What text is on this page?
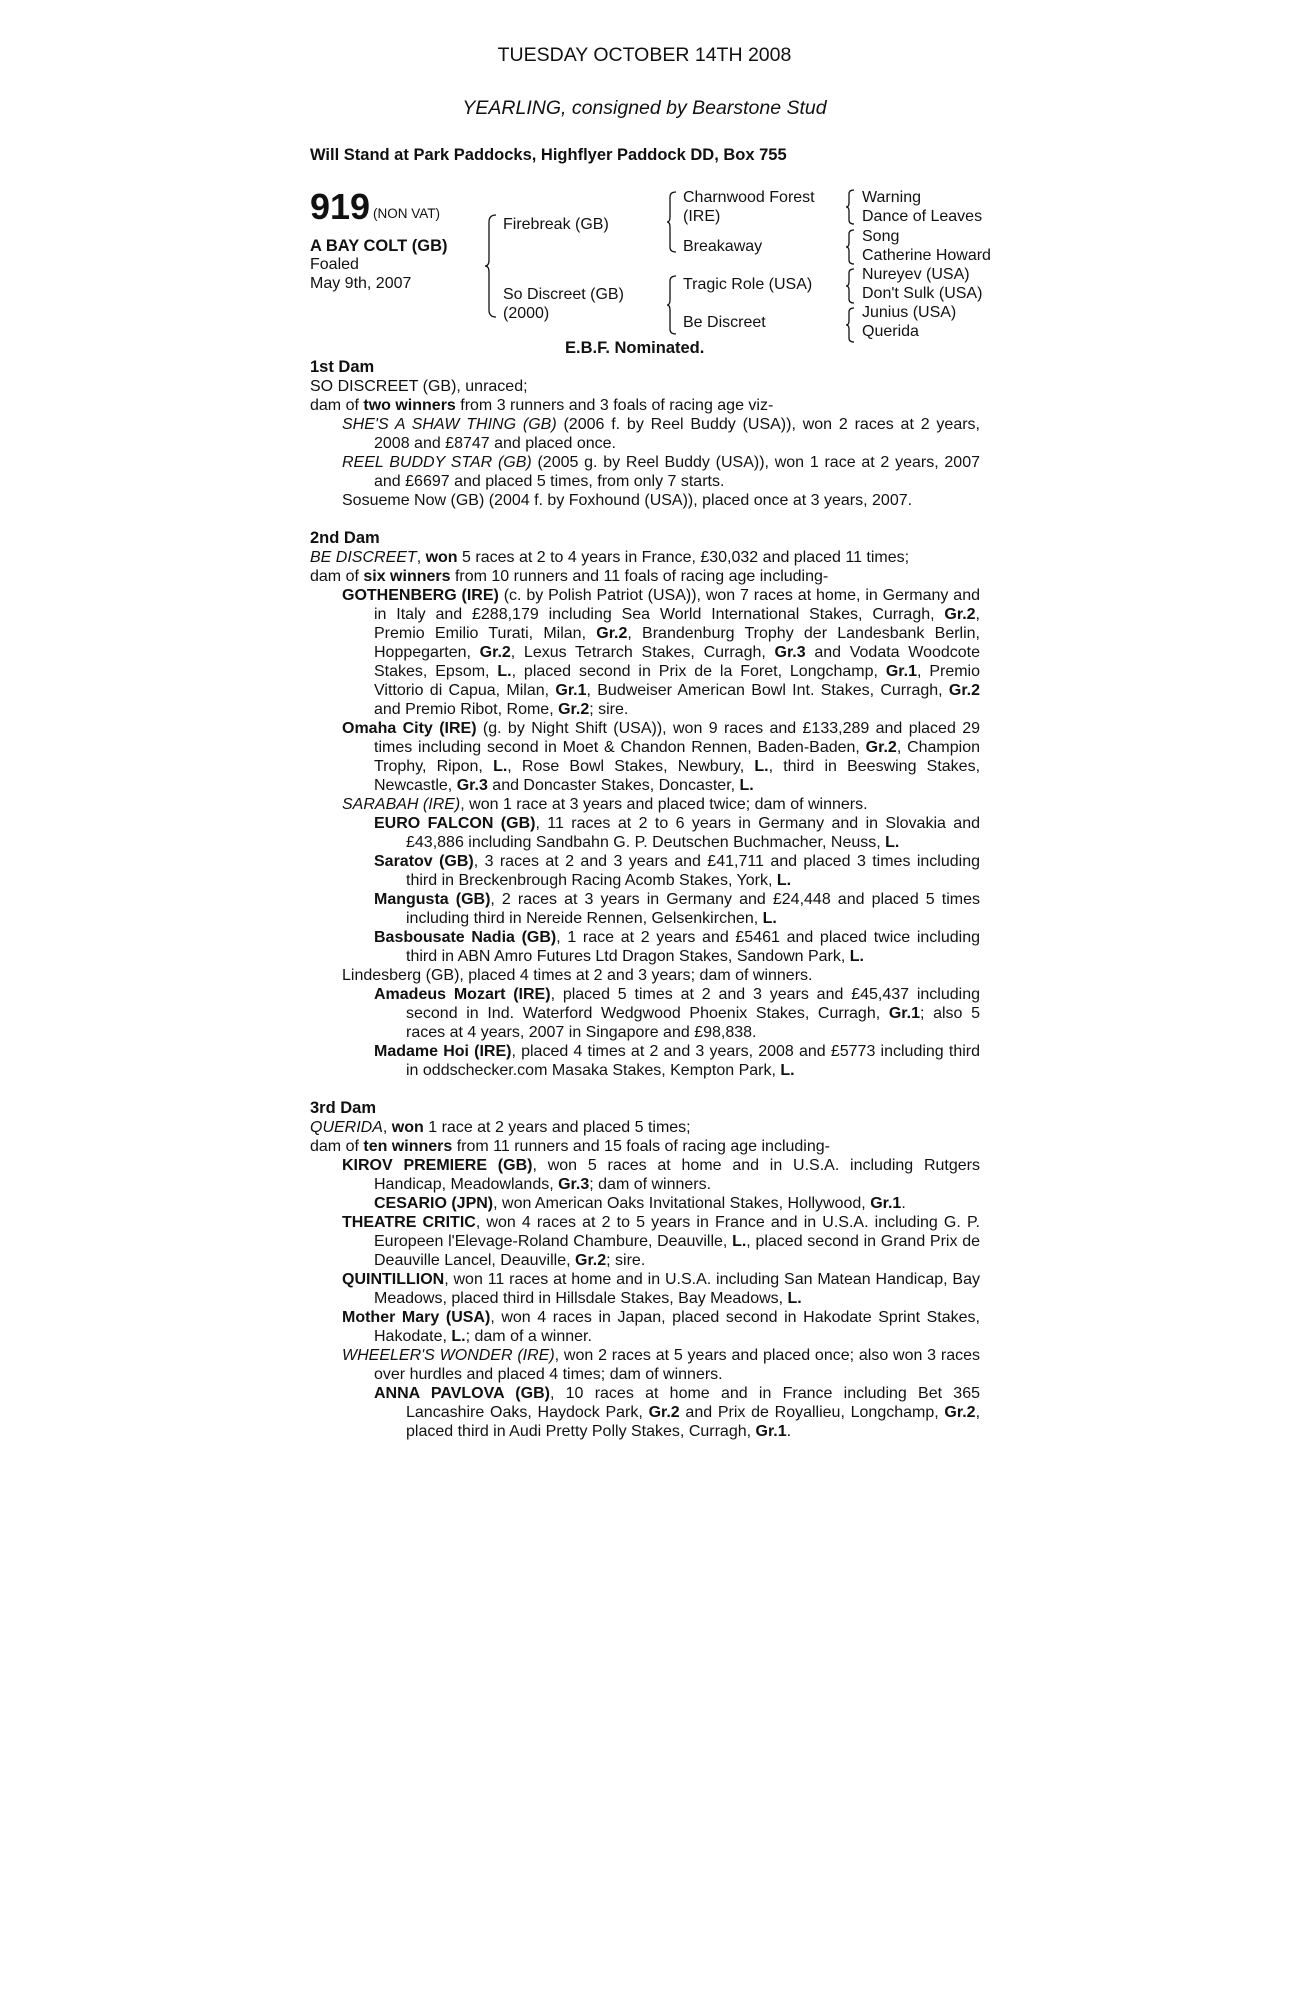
TUESDAY OCTOBER 14TH 2008
YEARLING, consigned by Bearstone Stud
Will Stand at Park Paddocks, Highflyer Paddock DD, Box 755
919 (NON VAT)
A BAY COLT (GB)
Foaled
May 9th, 2007
Firebreak (GB)
So Discreet (GB)
(2000)
Charnwood Forest
(IRE)
Breakaway
Tragic Role (USA)
Be Discreet
Warning
Dance of Leaves
Song
Catherine Howard
Nureyev (USA)
Don't Sulk (USA)
Junius (USA)
Querida
E.B.F. Nominated.

1st Dam

SO DISCREET (GB), unraced;

dam of two winners from 3 runners and 3 foals of racing age viz-

SHE'S A SHAW THING (GB) (2006 f. by Reel Buddy (USA)), won 2 races at 2 years, 2008 and £8747 and placed once.

REEL BUDDY STAR (GB) (2005 g. by Reel Buddy (USA)), won 1 race at 2 years, 2007 and £6697 and placed 5 times, from only 7 starts.

Sosueme Now (GB) (2004 f. by Foxhound (USA)), placed once at 3 years, 2007.

2nd Dam

BE DISCREET, won 5 races at 2 to 4 years in France, £30,032 and placed 11 times;

dam of six winners from 10 runners and 11 foals of racing age including-

GOTHENBERG (IRE) (c. by Polish Patriot (USA)), won 7 races at home, in Germany and in Italy and £288,179 including Sea World International Stakes, Curragh, Gr.2, Premio Emilio Turati, Milan, Gr.2, Brandenburg Trophy der Landesbank Berlin, Hoppegarten, Gr.2, Lexus Tetrarch Stakes, Curragh, Gr.3 and Vodata Woodcote Stakes, Epsom, L., placed second in Prix de la Foret, Longchamp, Gr.1, Premio Vittorio di Capua, Milan, Gr.1, Budweiser American Bowl Int. Stakes, Curragh, Gr.2 and Premio Ribot, Rome, Gr.2; sire.

Omaha City (IRE) (g. by Night Shift (USA)), won 9 races and £133,289 and placed 29 times including second in Moet & Chandon Rennen, Baden-Baden, Gr.2, Champion Trophy, Ripon, L., Rose Bowl Stakes, Newbury, L., third in Beeswing Stakes, Newcastle, Gr.3 and Doncaster Stakes, Doncaster, L.

SARABAH (IRE), won 1 race at 3 years and placed twice; dam of winners.

EURO FALCON (GB), 11 races at 2 to 6 years in Germany and in Slovakia and £43,886 including Sandbahn G. P. Deutschen Buchmacher, Neuss, L.

Saratov (GB), 3 races at 2 and 3 years and £41,711 and placed 3 times including third in Breckenbrough Racing Acomb Stakes, York, L.

Mangusta (GB), 2 races at 3 years in Germany and £24,448 and placed 5 times including third in Nereide Rennen, Gelsenkirchen, L.

Basbousate Nadia (GB), 1 race at 2 years and £5461 and placed twice including third in ABN Amro Futures Ltd Dragon Stakes, Sandown Park, L.

Lindesberg (GB), placed 4 times at 2 and 3 years; dam of winners.

Amadeus Mozart (IRE), placed 5 times at 2 and 3 years and £45,437 including second in Ind. Waterford Wedgwood Phoenix Stakes, Curragh, Gr.1; also 5 races at 4 years, 2007 in Singapore and £98,838.

Madame Hoi (IRE), placed 4 times at 2 and 3 years, 2008 and £5773 including third in oddschecker.com Masaka Stakes, Kempton Park, L.

3rd Dam

QUERIDA, won 1 race at 2 years and placed 5 times;

dam of ten winners from 11 runners and 15 foals of racing age including-

KIROV PREMIERE (GB), won 5 races at home and in U.S.A. including Rutgers Handicap, Meadowlands, Gr.3; dam of winners.

CESARIO (JPN), won American Oaks Invitational Stakes, Hollywood, Gr.1.

THEATRE CRITIC, won 4 races at 2 to 5 years in France and in U.S.A. including G. P. Europeen l'Elevage-Roland Chambure, Deauville, L., placed second in Grand Prix de Deauville Lancel, Deauville, Gr.2; sire.

QUINTILLION, won 11 races at home and in U.S.A. including San Matean Handicap, Bay Meadows, placed third in Hillsdale Stakes, Bay Meadows, L.

Mother Mary (USA), won 4 races in Japan, placed second in Hakodate Sprint Stakes, Hakodate, L.; dam of a winner.

WHEELER'S WONDER (IRE), won 2 races at 5 years and placed once; also won 3 races over hurdles and placed 4 times; dam of winners.

ANNA PAVLOVA (GB), 10 races at home and in France including Bet 365 Lancashire Oaks, Haydock Park, Gr.2 and Prix de Royallieu, Longchamp, Gr.2, placed third in Audi Pretty Polly Stakes, Curragh, Gr.1.
